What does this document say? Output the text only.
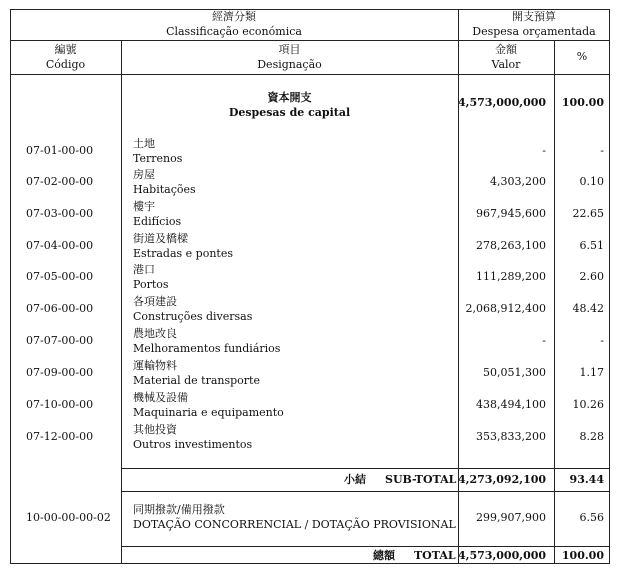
經濟分類
Classificação económica
開支預算
Despesa orçamentada
編號
Código
項目
Designação
金額
Valor
%
資本開支
Despesas de capital
4,573,000,000	100.00
07-01-00-00
土地
Terrenos
-	-
07-02-00-00
房屋
Habitações
4,303,200	0.10
07-03-00-00
樓宇
Edifícios
967,945,600	22.65
07-04-00-00
街道及橋樑
Estradas e pontes
278,263,100	6.51
07-05-00-00
港口
Portos
111,289,200	2.60
07-06-00-00
各項建設
Construções diversas
2,068,912,400	48.42
07-07-00-00
農地改良
Melhoramentos fundiários
-	-
07-09-00-00
運輸物料
Material de transporte
50,051,300	1.17
07-10-00-00
機械及設備
Maquinaria e equipamento
438,494,100	10.26
07-12-00-00
其他投資
Outros investimentos
353,833,200	8.28
小結 SUB-TOTAL 4,273,092,100	93.44
10-00-00-00-02
同期撥款/備用撥款
DOTAÇÃO CONCORRENCIAL / DOTAÇÃO PROVISIONAL
299,907,900	6.56
總額 TOTAL 4,573,000,000	100.00
